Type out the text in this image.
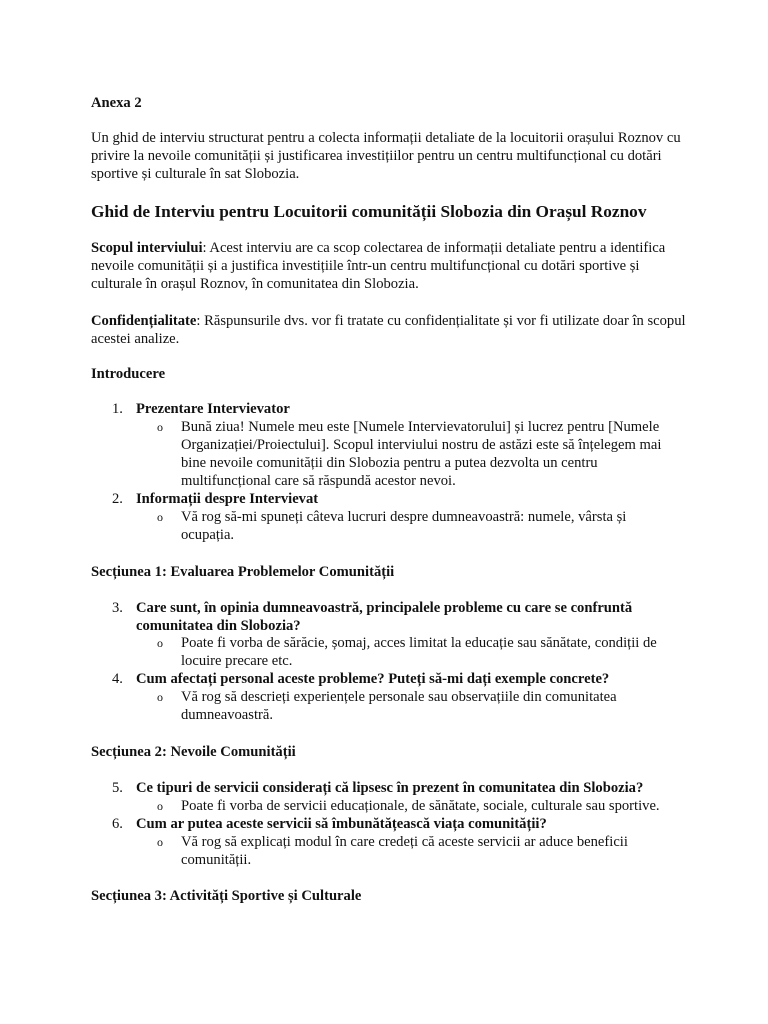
Anexa 2

Un ghid de interviu structurat pentru a colecta informații detaliate de la locuitorii orașului Roznov cu privire la nevoile comunității și justificarea investițiilor pentru un centru multifuncțional cu dotări sportive și culturale în sat Slobozia.

Ghid de Interviu pentru Locuitorii comunității Slobozia din Orașul Roznov

Scopul interviului: Acest interviu are ca scop colectarea de informații detaliate pentru a identifica nevoile comunității și a justifica investițiile într-un centru multifuncțional cu dotări sportive și culturale în orașul Roznov, în comunitatea din Slobozia.

Confidențialitate: Răspunsurile dvs. vor fi tratate cu confidențialitate și vor fi utilizate doar în scopul acestei analize.

Introducere

1. Prezentare Intervievator
o Bună ziua! Numele meu este [Numele Intervievatorului] și lucrez pentru [Numele Organizației/Proiectului]. Scopul interviului nostru de astăzi este să înțelegem mai bine nevoile comunității din Slobozia pentru a putea dezvolta un centru multifuncțional care să răspundă acestor nevoi.
2. Informații despre Intervievat
o Vă rog să-mi spuneți câteva lucruri despre dumneavoastră: numele, vârsta și ocupația.

Secțiunea 1: Evaluarea Problemelor Comunității

3. Care sunt, în opinia dumneavoastră, principalele probleme cu care se confruntă comunitatea din Slobozia?
o Poate fi vorba de sărăcie, șomaj, acces limitat la educație sau sănătate, condiții de locuire precare etc.
4. Cum afectați personal aceste probleme? Puteți să-mi dați exemple concrete?
o Vă rog să descrieți experiențele personale sau observațiile din comunitatea dumneavoastră.

Secțiunea 2: Nevoile Comunității

5. Ce tipuri de servicii considerați că lipsesc în prezent în comunitatea din Slobozia?
o Poate fi vorba de servicii educaționale, de sănătate, sociale, culturale sau sportive.
6. Cum ar putea aceste servicii să îmbunătățească viața comunității?
o Vă rog să explicați modul în care credeți că aceste servicii ar aduce beneficii comunității.

Secțiunea 3: Activități Sportive și Culturale
